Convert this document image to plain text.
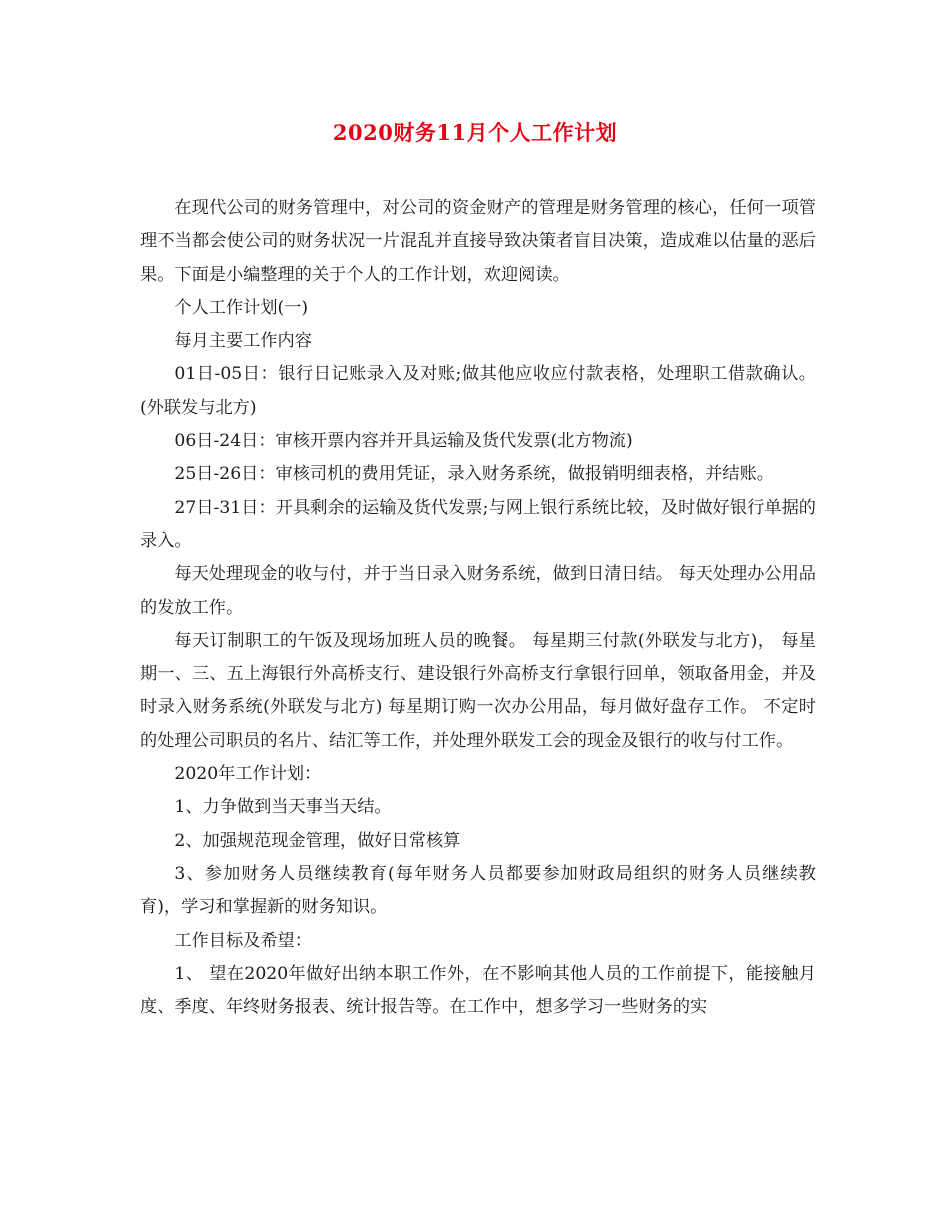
2020财务11月个人工作计划

在现代公司的财务管理中，对公司的资金财产的管理是财务管理的核心，任何一项管理不当都会使公司的财务状况一片混乱并直接导致决策者盲目决策，造成难以估量的恶后果。下面是小编整理的关于个人的工作计划，欢迎阅读。

个人工作计划(一)

每月主要工作内容

01日-05日：银行日记账录入及对账;做其他应收应付款表格，处理职工借款确认。(外联发与北方)

06日-24日：审核开票内容并开具运输及货代发票(北方物流)

25日-26日：审核司机的费用凭证，录入财务系统，做报销明细表格，并结账。

27日-31日：开具剩余的运输及货代发票;与网上银行系统比较，及时做好银行单据的录入。

每天处理现金的收与付，并于当日录入财务系统，做到日清日结。 每天处理办公用品的发放工作。

每天订制职工的午饭及现场加班人员的晚餐。 每星期三付款(外联发与北方)， 每星期一、三、五上海银行外高桥支行、建设银行外高桥支行拿银行回单，领取备用金，并及时录入财务系统(外联发与北方) 每星期订购一次办公用品，每月做好盘存工作。 不定时的处理公司职员的名片、结汇等工作，并处理外联发工会的现金及银行的收与付工作。

2020年工作计划：

1、力争做到当天事当天结。

2、加强规范现金管理，做好日常核算

3、参加财务人员继续教育(每年财务人员都要参加财政局组织的财务人员继续教育)，学习和掌握新的财务知识。

工作目标及希望：

1、 望在2020年做好出纳本职工作外，在不影响其他人员的工作前提下，能接触月度、季度、年终财务报表、统计报告等。在工作中，想多学习一些财务的实
